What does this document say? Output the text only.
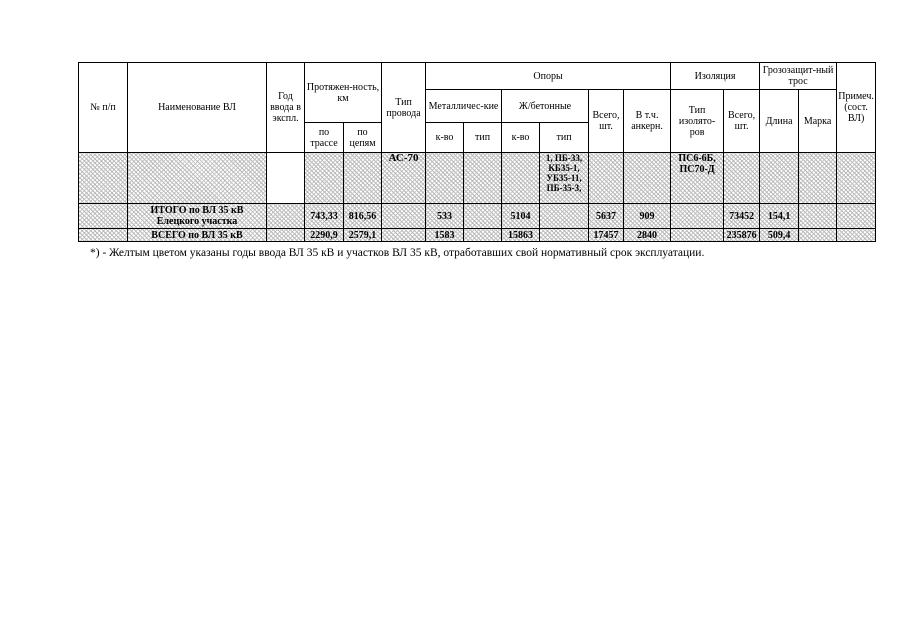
№ п/п	Наименование ВЛ	Год ввода в экспл.	Протяжен-ность, км		Тип провода	Опоры						Изоляция		Грозозащит-ный трос		Примеч. (сост. ВЛ)
						Металличес-кие		Ж/бетонные		Всего, шт.	В т.ч. анкерн.	Тип изолято-ров	Всего, шт.	Длина	Марка	
			по трассе	по цепям		к-во	тип	к-во	тип							
					АС-70				1, ПБ-33, КБ35-1, УБ35-11, ПБ-35-3,			ПС6-6Б, ПС70-Д				
	ИТОГО по ВЛ 35 кВ Елецкого участка		743,33	816,56		533		5104		5637	909		73452	154,1		
	ВСЕГО по ВЛ 35 кВ		2290,9	2579,1		1583		15863		17457	2840		235876	509,4		
*) - Желтым цветом указаны годы ввода ВЛ 35 кВ и участков ВЛ 35 кВ, отработавших свой нормативный срок эксплуатации.
